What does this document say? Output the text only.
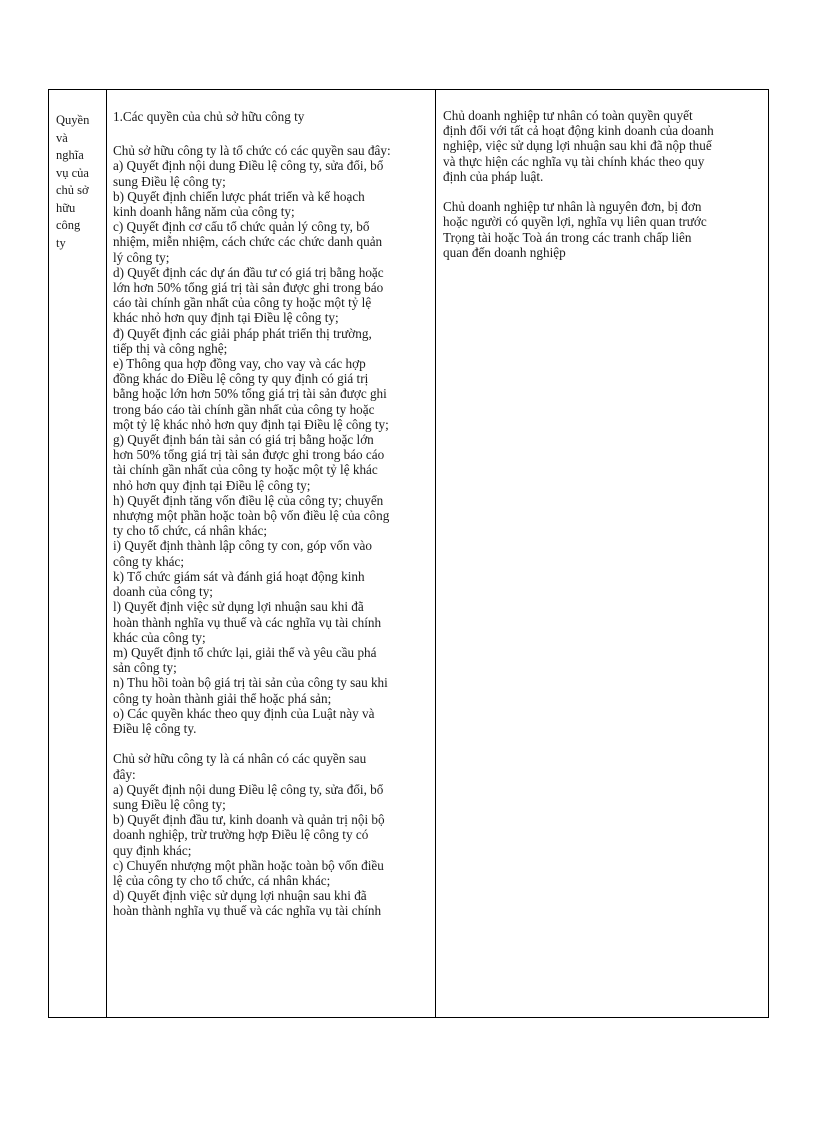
Quyền
và
nghĩa
vụ của
chủ sở
hữu
công
ty
1.Các quyền của chủ sở hữu công ty
Chủ sở hữu công ty là tổ chức có các quyền sau đây:
a) Quyết định nội dung Điều lệ công ty, sửa đổi, bổ
sung Điều lệ công ty;
b) Quyết định chiến lược phát triển và kế hoạch
kinh doanh hằng năm của công ty;
c) Quyết định cơ cấu tổ chức quản lý công ty, bổ
nhiệm, miễn nhiệm, cách chức các chức danh quản
lý công ty;
d) Quyết định các dự án đầu tư có giá trị bằng hoặc
lớn hơn 50% tổng giá trị tài sản được ghi trong báo
cáo tài chính gần nhất của công ty hoặc một tỷ lệ
khác nhỏ hơn quy định tại Điều lệ công ty;
đ) Quyết định các giải pháp phát triển thị trường,
tiếp thị và công nghệ;
e) Thông qua hợp đồng vay, cho vay và các hợp
đồng khác do Điều lệ công ty quy định có giá trị
bằng hoặc lớn hơn 50% tổng giá trị tài sản được ghi
trong báo cáo tài chính gần nhất của công ty hoặc
một tỷ lệ khác nhỏ hơn quy định tại Điều lệ công ty;
g) Quyết định bán tài sản có giá trị bằng hoặc lớn
hơn 50% tổng giá trị tài sản được ghi trong báo cáo
tài chính gần nhất của công ty hoặc một tỷ lệ khác
nhỏ hơn quy định tại Điều lệ công ty;
h) Quyết định tăng vốn điều lệ của công ty; chuyển
nhượng một phần hoặc toàn bộ vốn điều lệ của công
ty cho tổ chức, cá nhân khác;
i) Quyết định thành lập công ty con, góp vốn vào
công ty khác;
k) Tổ chức giám sát và đánh giá hoạt động kinh
doanh của công ty;
l) Quyết định việc sử dụng lợi nhuận sau khi đã
hoàn thành nghĩa vụ thuế và các nghĩa vụ tài chính
khác của công ty;
m) Quyết định tổ chức lại, giải thể và yêu cầu phá
sản công ty;
n) Thu hồi toàn bộ giá trị tài sản của công ty sau khi
công ty hoàn thành giải thể hoặc phá sản;
o) Các quyền khác theo quy định của Luật này và
Điều lệ công ty.
Chủ sở hữu công ty là cá nhân có các quyền sau
đây:
a) Quyết định nội dung Điều lệ công ty, sửa đổi, bổ
sung Điều lệ công ty;
b) Quyết định đầu tư, kinh doanh và quản trị nội bộ
doanh nghiệp, trừ trường hợp Điều lệ công ty có
quy định khác;
c) Chuyển nhượng một phần hoặc toàn bộ vốn điều
lệ của công ty cho tổ chức, cá nhân khác;
d) Quyết định việc sử dụng lợi nhuận sau khi đã
hoàn thành nghĩa vụ thuế và các nghĩa vụ tài chính
Chủ doanh nghiệp tư nhân có toàn quyền quyết
định đối với tất cả hoạt động kinh doanh của doanh
nghiệp, việc sử dụng lợi nhuận sau khi đã nộp thuế
và thực hiện các nghĩa vụ tài chính khác theo quy
định của pháp luật.
Chủ doanh nghiệp tư nhân là nguyên đơn, bị đơn
hoặc người có quyền lợi, nghĩa vụ liên quan trước
Trọng tài hoặc Toà án trong các tranh chấp liên
quan đến doanh nghiệp
